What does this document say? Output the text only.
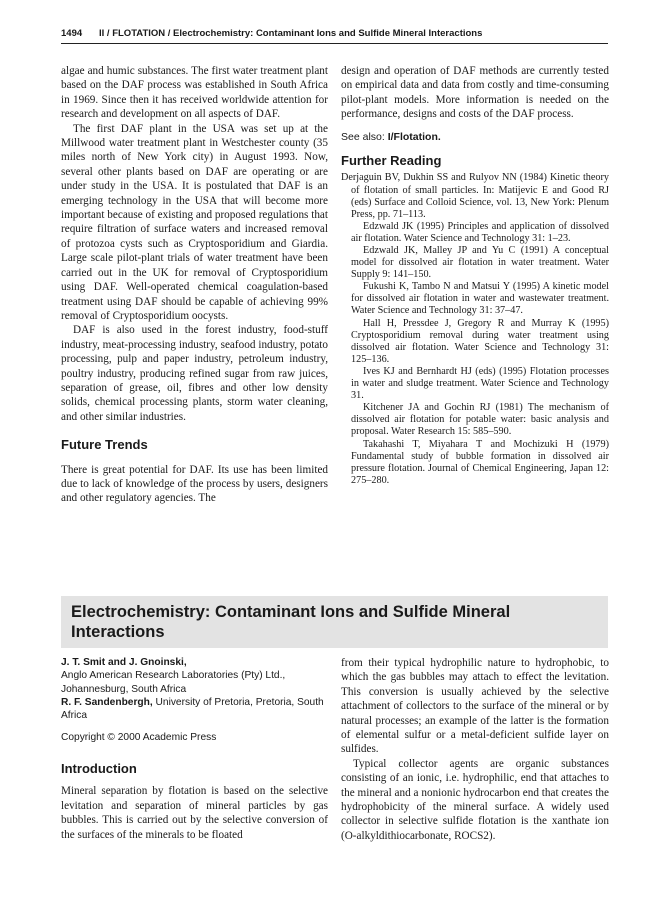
1494 II / FLOTATION / Electrochemistry: Contaminant Ions and Sulfide Mineral Interactions

algae and humic substances. The first water treatment plant based on the DAF process was established in South Africa in 1969. Since then it has received worldwide attention for research and development on all aspects of DAF.

The first DAF plant in the USA was set up at the Millwood water treatment plant in Westchester county (35 miles north of New York city) in August 1993. Now, several other plants based on DAF are operating or are under study in the USA. It is postulated that DAF is an emerging technology in the USA that will become more important because of existing and proposed regulations that require filtration of surface waters and increased removal of protozoa cysts such as Cryptosporidium and Giardia. Large scale pilot-plant trials of water treatment have been carried out in the UK for removal of Cryptosporidium using DAF. Well-operated chemical coagulation-based treatment using DAF should be capable of achieving 99% removal of Cryptosporidium oocysts.

DAF is also used in the forest industry, food-stuff industry, meat-processing industry, seafood industry, potato processing, pulp and paper industry, petroleum industry, poultry industry, producing refined sugar from raw juices, separation of grease, oil, fibres and other low density solids, chemical processing plants, storm water cleaning, and other similar industries.

Future Trends

There is great potential for DAF. Its use has been limited due to lack of knowledge of the process by users, designers and other regulatory agencies. The

design and operation of DAF methods are currently tested on empirical data and data from costly and time-consuming pilot-plant models. More information is needed on the performance, designs and costs of the DAF process.

See also: I/Flotation.
Further Reading

Derjaguin BV, Dukhin SS and Rulyov NN (1984) Kinetic theory of flotation of small particles. In: Matijevic E and Good RJ (eds) Surface and Colloid Science, vol. 13, New York: Plenum Press, pp. 71–113.

Edzwald JK (1995) Principles and application of dissolved air flotation. Water Science and Technology 31: 1–23.

Edzwald JK, Malley JP and Yu C (1991) A conceptual model for dissolved air flotation in water treatment. Water Supply 9: 141–150.

Fukushi K, Tambo N and Matsui Y (1995) A kinetic model for dissolved air flotation in water and wastewater treatment. Water Science and Technology 31: 37–47.

Hall H, Pressdee J, Gregory R and Murray K (1995) Cryptosporidium removal during water treatment using dissolved air flotation. Water Science and Technology 31: 125–136.

Ives KJ and Bernhardt HJ (eds) (1995) Flotation processes in water and sludge treatment. Water Science and Technology 31.

Kitchener JA and Gochin RJ (1981) The mechanism of dissolved air flotation for potable water: basic analysis and proposal. Water Research 15: 585–590.

Takahashi T, Miyahara T and Mochizuki H (1979) Fundamental study of bubble formation in dissolved air pressure flotation. Journal of Chemical Engineering, Japan 12: 275–280.

Electrochemistry: Contaminant Ions and Sulfide Mineral Interactions
J. T. Smit and J. Gnoinski,
Anglo American Research Laboratories (Pty) Ltd., Johannesburg, South Africa
R. F. Sandenbergh, University of Pretoria, Pretoria, South Africa
Copyright © 2000 Academic Press
Introduction

Mineral separation by flotation is based on the selective levitation and separation of mineral particles by gas bubbles. This is carried out by the selective conversion of the surfaces of the minerals to be floated

from their typical hydrophilic nature to hydrophobic, to which the gas bubbles may attach to effect the levitation. This conversion is usually achieved by the selective attachment of collectors to the surface of the mineral or by natural processes; an example of the latter is the formation of elemental sulfur or a metal-deficient sulfide layer on sulfides.

Typical collector agents are organic substances consisting of an ionic, i.e. hydrophilic, end that attaches to the mineral and a nonionic hydrocarbon end that creates the hydrophobicity of the mineral surface. A widely used collector in selective sulfide flotation is the xanthate ion (O-alkyldithiocarbonate, ROCS2).
